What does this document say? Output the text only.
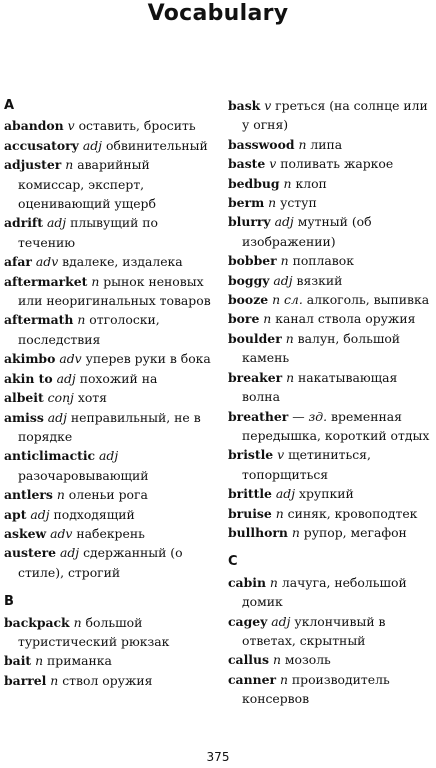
Vocabulary
A
abandon v оставить, бросить
accusatory adj обвинительный
adjuster n аварийный комиссар, эксперт, оценивающий ущерб
adrift adj плывущий по течению
afar adv вдалеке, издалека
aftermarket n рынок неновых или неоригинальных товаров
aftermath n отголоски, последствия
akimbo adv уперев руки в бока
akin to adj похожий на
albeit conj хотя
amiss adj неправильный, не в порядке
anticlimactic adj разочаровывающий
antlers n оленьи рога
apt adj подходящий
askew adv набекрень
austere adj сдержанный (о стиле), строгий
B
backpack n большой туристический рюкзак
bait n приманка
barrel n ствол оружия
bask v греться (на солнце или у огня)
basswood n липа
baste v поливать жаркое
bedbug n клоп
berm n уступ
blurry adj мутный (об изображении)
bobber n поплавок
boggy adj вязкий
booze n сл. алкоголь, выпивка
bore n канал ствола оружия
boulder n валун, большой камень
breaker n накатывающая волна
breather — зд. временная передышка, короткий отдых
bristle v щетиниться, топорщиться
brittle adj хрупкий
bruise n синяк, кровоподтек
bullhorn n рупор, мегафон
C
cabin n лачуга, небольшой домик
cagey adj уклончивый в ответах, скрытный
callus n мозоль
canner n производитель консервов
375
